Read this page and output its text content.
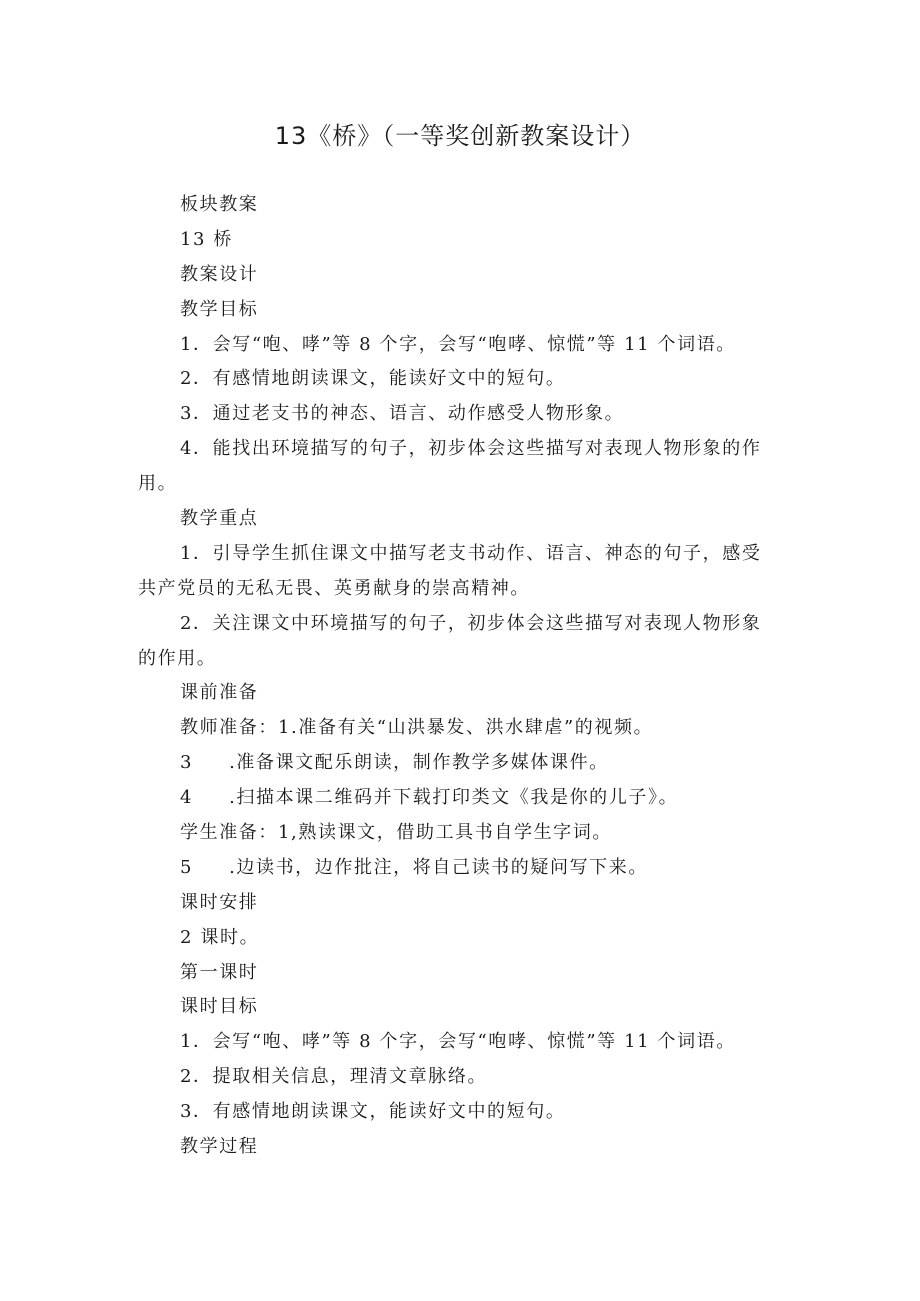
13《桥》（一等奖创新教案设计）
板块教案
13 桥
教案设计
教学目标
1．会写“咆、哮”等 8 个字，会写“咆哮、惊慌”等 11 个词语。
2．有感情地朗读课文，能读好文中的短句。
3．通过老支书的神态、语言、动作感受人物形象。
4．能找出环境描写的句子，初步体会这些描写对表现人物形象的作
用。
教学重点
1．引导学生抓住课文中描写老支书动作、语言、神态的句子，感受
共产党员的无私无畏、英勇献身的崇高精神。
2．关注课文中环境描写的句子，初步体会这些描写对表现人物形象
的作用。
课前准备
教师准备：1.准备有关“山洪暴发、洪水肆虐”的视频。
3 .准备课文配乐朗读，制作教学多媒体课件。
4 .扫描本课二维码并下载打印类文《我是你的儿子》。
学生准备：1,熟读课文，借助工具书自学生字词。
5 .边读书，边作批注，将自己读书的疑问写下来。
课时安排
2 课时。
第一课时
课时目标
1．会写“咆、哮”等 8 个字，会写“咆哮、惊慌”等 11 个词语。
2．提取相关信息，理清文章脉络。
3．有感情地朗读课文，能读好文中的短句。
教学过程
